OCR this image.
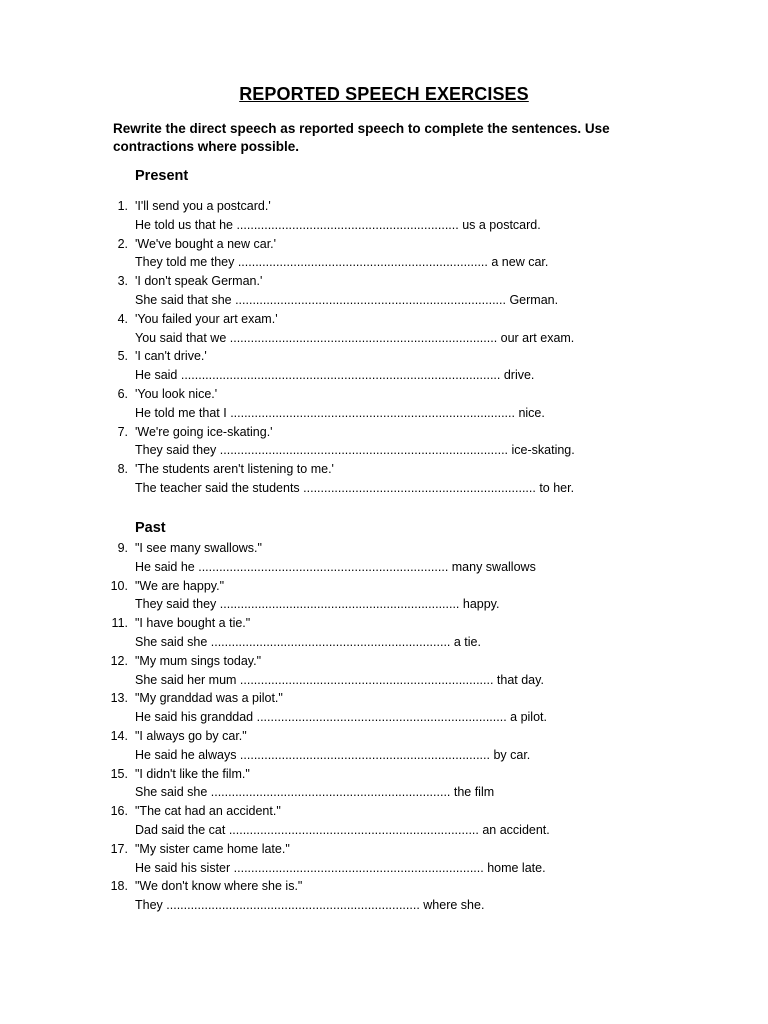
REPORTED SPEECH EXERCISES

Rewrite the direct speech as reported speech to complete the sentences. Use contractions where possible.

Present
1. 'I'll send you a postcard.'
He told us that he ................................................................ us a postcard.
2. 'We've bought a new car.'
They told me they ........................................................................ a new car.
3. 'I don't speak German.'
She said that she .............................................................................. German.
4. 'You failed your art exam.'
You said that we ............................................................................. our art exam.
5. 'I can't drive.'
He said ............................................................................................ drive.
6. 'You look nice.'
He told me that I .................................................................................. nice.
7. 'We're going ice-skating.'
They said they ................................................................................... ice-skating.
8. 'The students aren't listening to me.'
The teacher said the students ................................................................... to her.
Past
9. "I see many swallows."
He said he ........................................................................ many swallows
10. "We are happy."
They said they ..................................................................... happy.
11. "I have bought a tie."
She said she ..................................................................... a tie.
12. "My mum sings today."
She said her mum ......................................................................... that day.
13. "My granddad was a pilot."
He said his granddad ........................................................................ a pilot.
14. "I always go by car."
He said he always ........................................................................ by car.
15. "I didn't like the film."
She said she ..................................................................... the film
16. "The cat had an accident."
Dad said the cat ........................................................................ an accident.
17. "My sister came home late."
He said his sister ........................................................................ home late.
18. "We don't know where she is."
They ......................................................................... where she.
